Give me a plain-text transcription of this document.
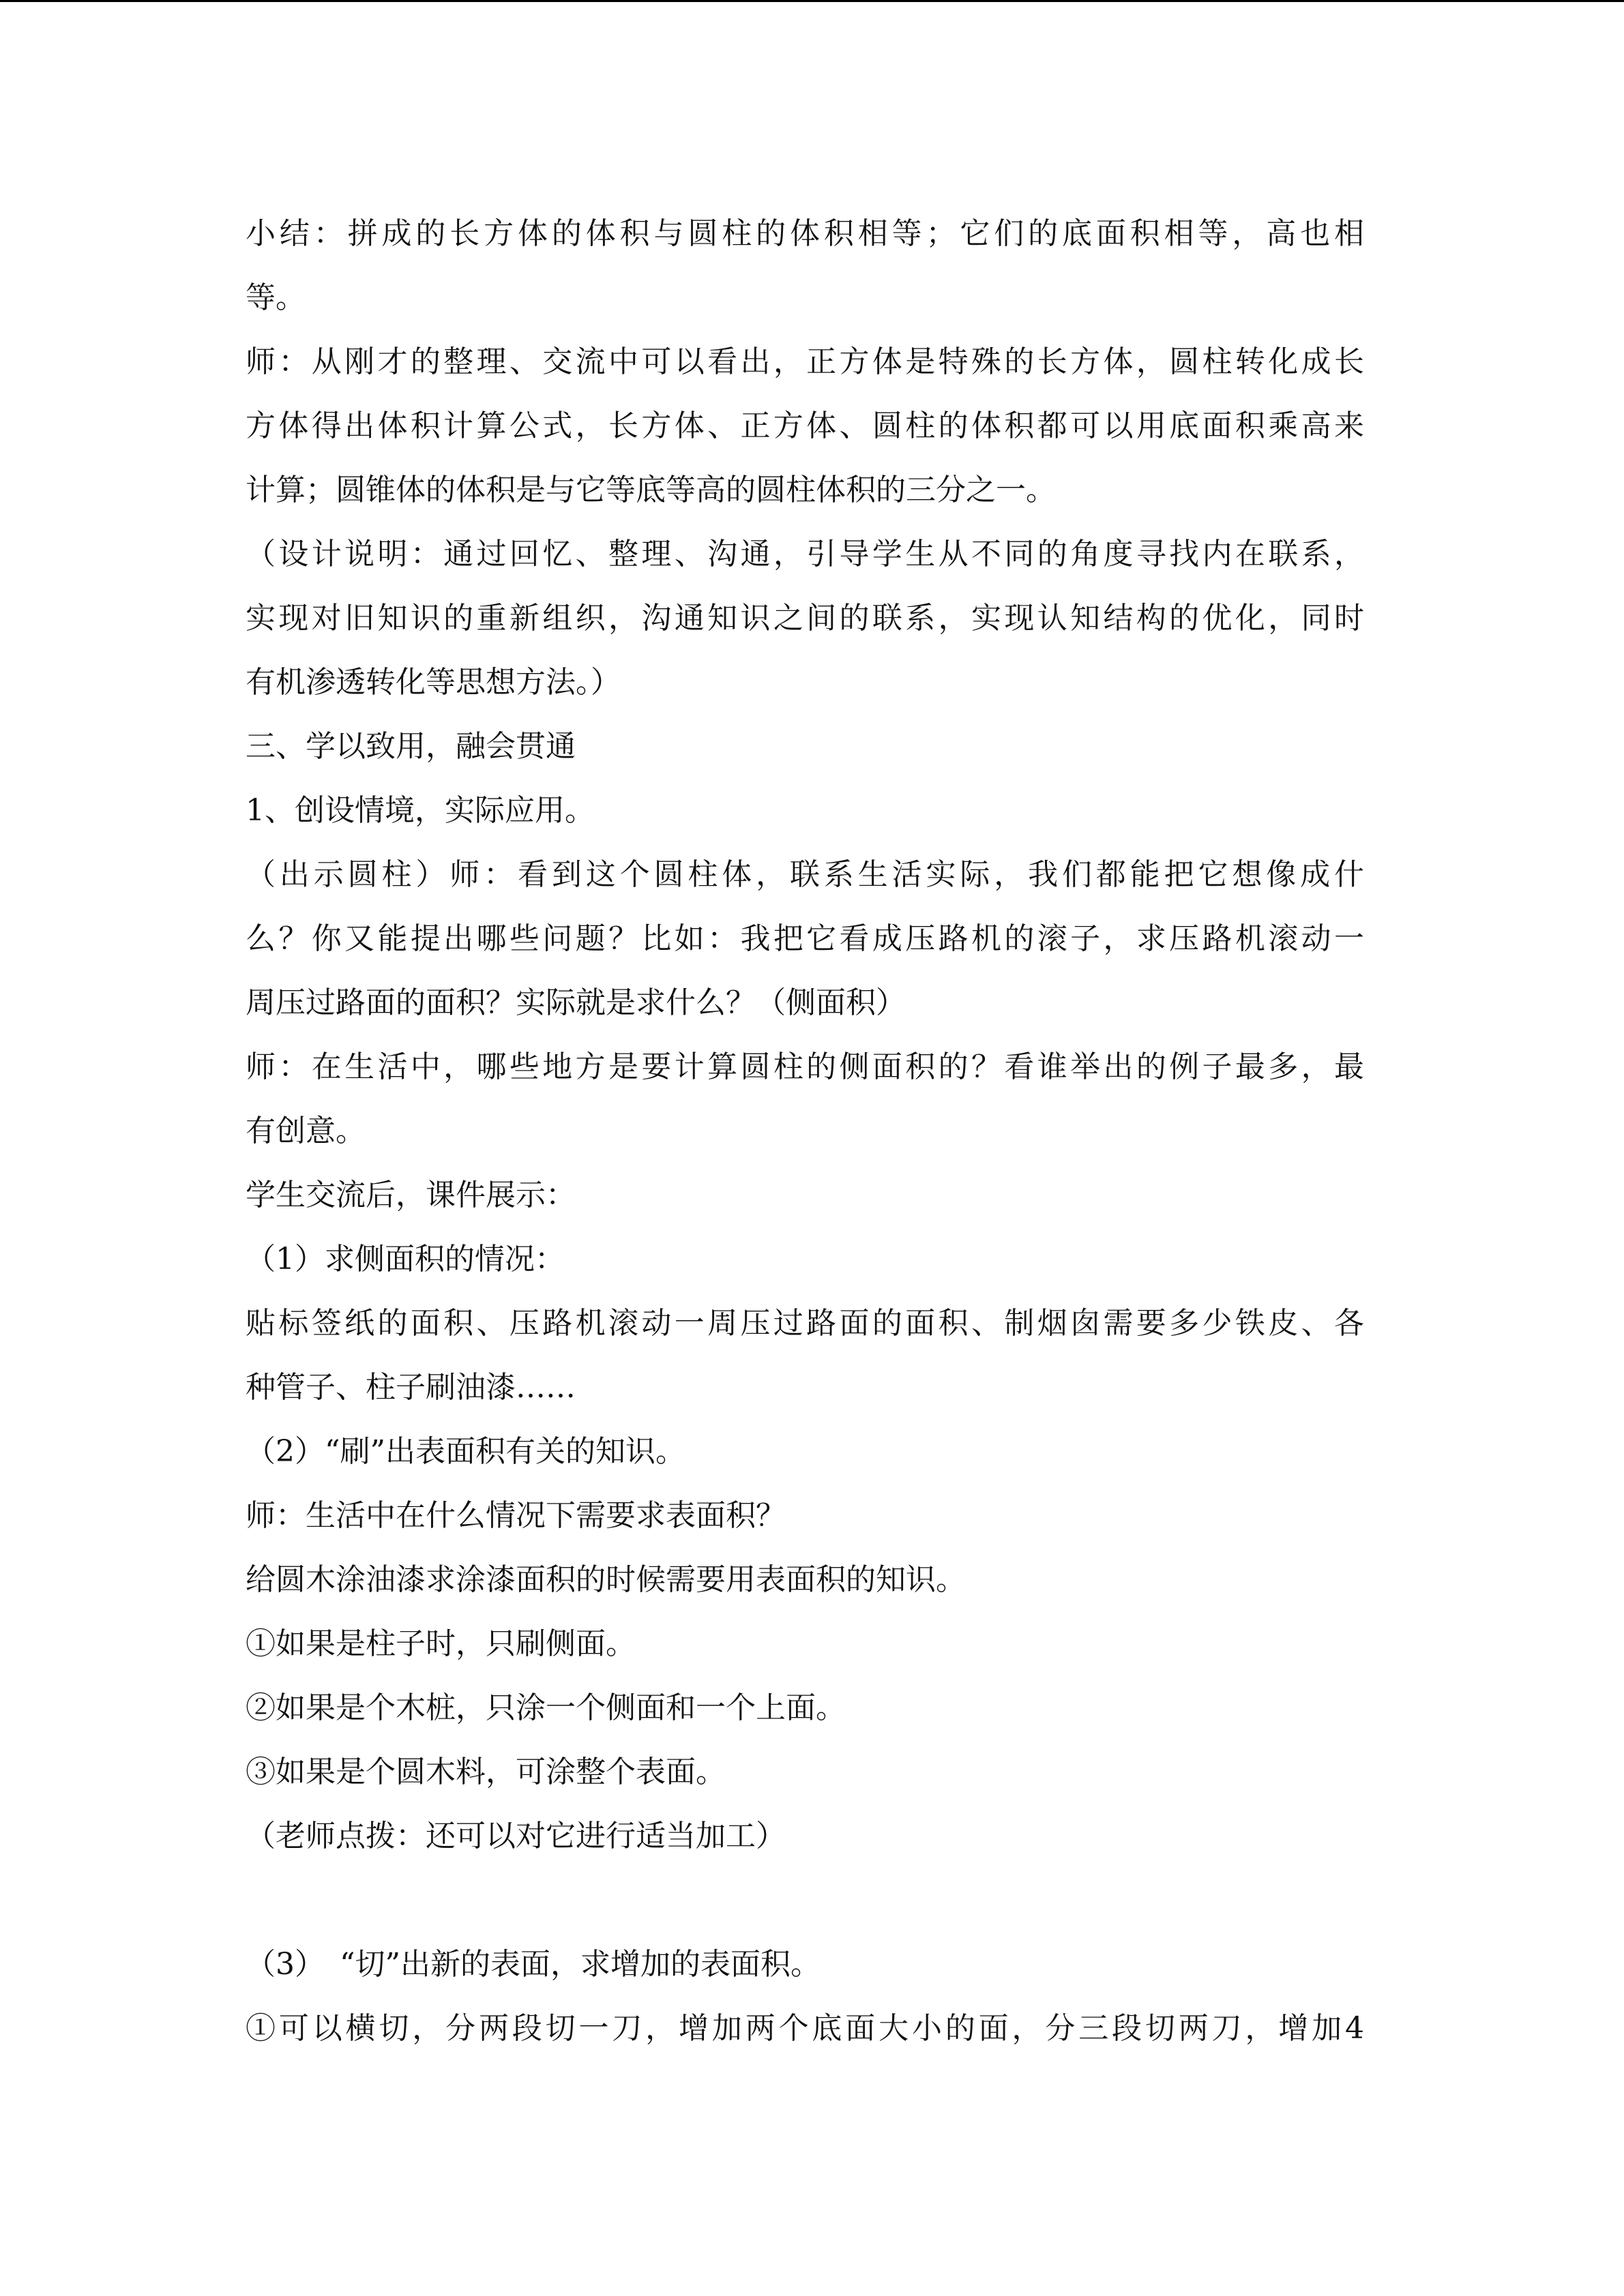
小结：拼成的长方体的体积与圆柱的体积相等；它们的底面积相等，高也相
等。
师：从刚才的整理、交流中可以看出，正方体是特殊的长方体，圆柱转化成长
方体得出体积计算公式，长方体、正方体、圆柱的体积都可以用底面积乘高来
计算；圆锥体的体积是与它等底等高的圆柱体积的三分之一。
（设计说明：通过回忆、整理、沟通，引导学生从不同的角度寻找内在联系，
实现对旧知识的重新组织，沟通知识之间的联系，实现认知结构的优化，同时
有机渗透转化等思想方法。）
三、学以致用，融会贯通
1、创设情境，实际应用。
（出示圆柱）师：看到这个圆柱体，联系生活实际，我们都能把它想像成什
么？你又能提出哪些问题？比如：我把它看成压路机的滚子，求压路机滚动一
周压过路面的面积？实际就是求什么？（侧面积）
师：在生活中，哪些地方是要计算圆柱的侧面积的？看谁举出的例子最多，最
有创意。
学生交流后，课件展示：
（1）求侧面积的情况：
贴标签纸的面积、压路机滚动一周压过路面的面积、制烟囱需要多少铁皮、各
种管子、柱子刷油漆……
（2）“刷”出表面积有关的知识。
师：生活中在什么情况下需要求表面积？
给圆木涂油漆求涂漆面积的时候需要用表面积的知识。
①如果是柱子时，只刷侧面。
②如果是个木桩，只涂一个侧面和一个上面。
③如果是个圆木料，可涂整个表面。
（老师点拨：还可以对它进行适当加工）
（3）　“切”出新的表面，求增加的表面积。
①可以横切，分两段切一刀，增加两个底面大小的面，分三段切两刀，增加4
